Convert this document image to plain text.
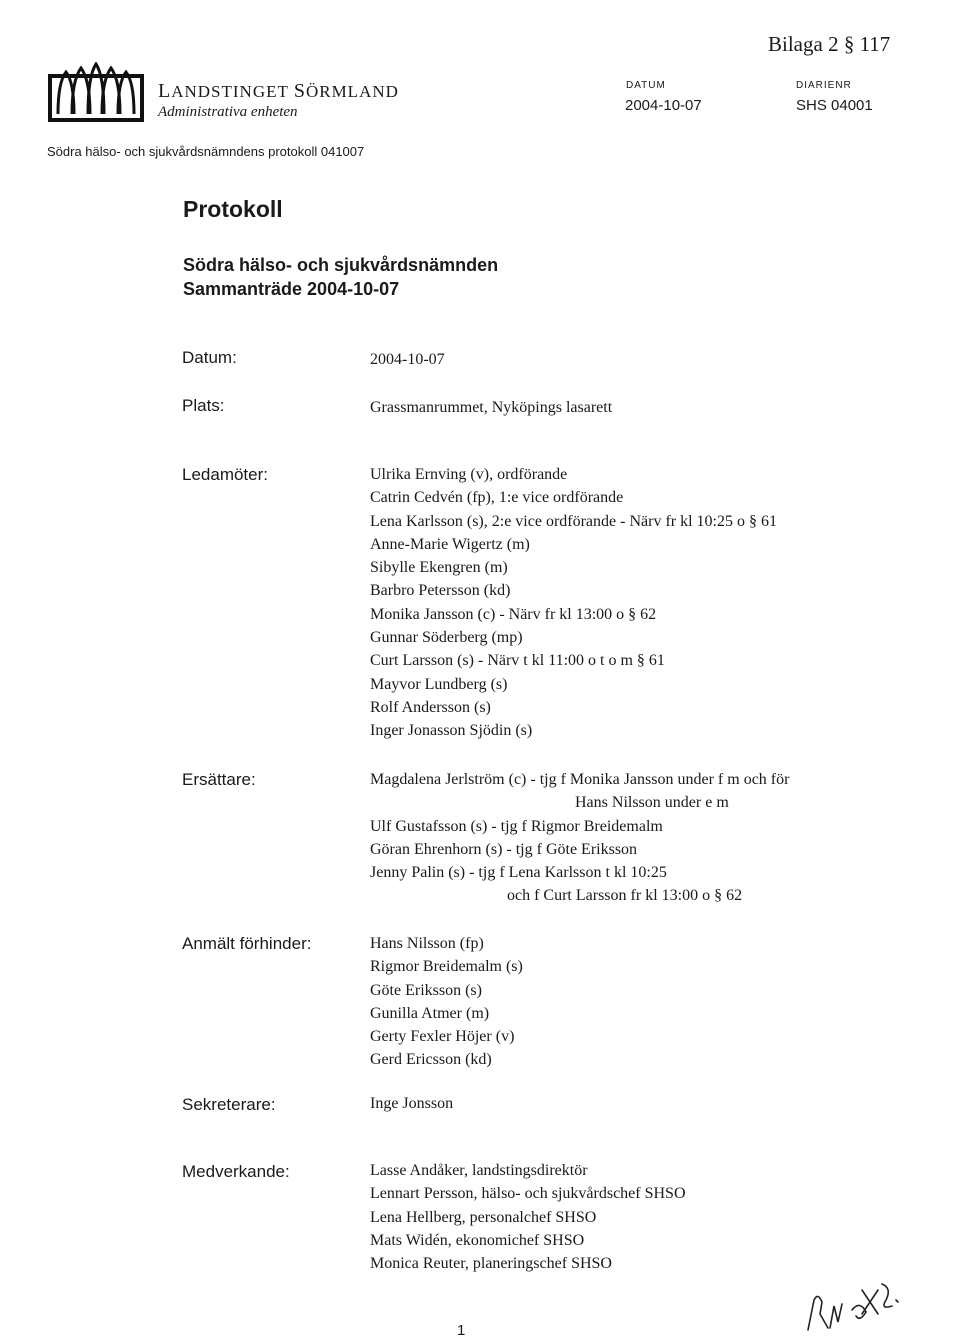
Bilaga 2 § 117
LANDSTINGET SÖRMLAND
Administrativa enheten
DATUM
2004-10-07
DIARIENR
SHS 04001
Södra hälso- och sjukvårdsnämndens protokoll 041007
Protokoll
Södra hälso- och sjukvårdsnämnden
Sammanträde 2004-10-07
Datum:	2004-10-07
Plats:	Grassmanrummet, Nyköpings lasarett
Ledamöter:	Ulrika Ernving (v), ordförande
Catrin Cedvén (fp), 1:e vice ordförande
Lena Karlsson (s), 2:e vice ordförande - Närv fr kl 10:25 o § 61
Anne-Marie Wigertz (m)
Sibylle Ekengren (m)
Barbro Petersson (kd)
Monika Jansson (c) - Närv fr kl 13:00 o § 62
Gunnar Söderberg (mp)
Curt Larsson (s) - Närv t kl 11:00 o t o m § 61
Mayvor Lundberg (s)
Rolf Andersson (s)
Inger Jonasson Sjödin (s)
Ersättare:	Magdalena Jerlström (c) - tjg f Monika Jansson under f m och för
Hans Nilsson under e m
Ulf Gustafsson (s) - tjg f Rigmor Breidemalm
Göran Ehrenhorn (s) - tjg f Göte Eriksson
Jenny Palin (s) - tjg f Lena Karlsson t kl 10:25
och f Curt Larsson fr kl 13:00 o § 62
Anmält förhinder:	Hans Nilsson (fp)
Rigmor Breidemalm (s)
Göte Eriksson (s)
Gunilla Atmer (m)
Gerty Fexler Höjer (v)
Gerd Ericsson (kd)
Sekreterare:	Inge Jonsson
Medverkande:	Lasse Andåker, landstingsdirektör
Lennart Persson, hälso- och sjukvårdschef SHSO
Lena Hellberg, personalchef SHSO
Mats Widén, ekonomichef SHSO
Monica Reuter, planeringschef SHSO
1
